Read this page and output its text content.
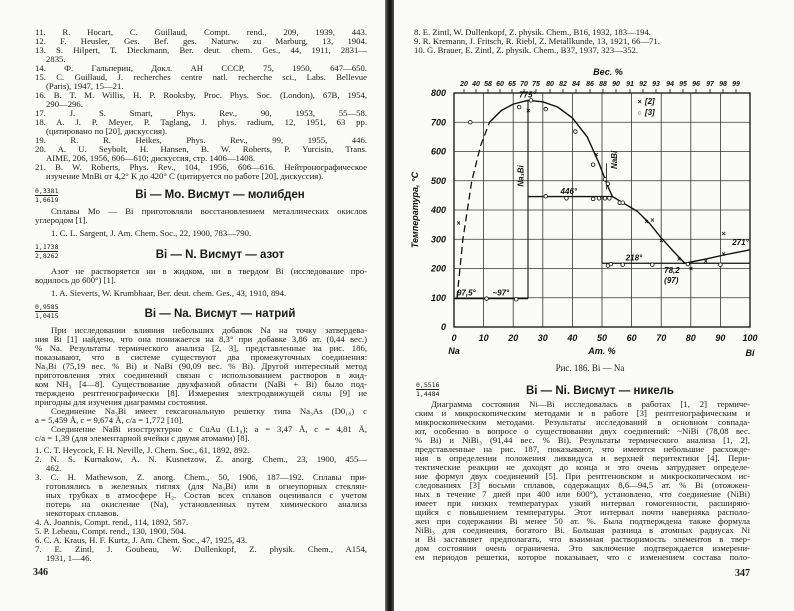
11. R. Hocart, C. Guillaud, Compt. rend., 209, 1939, 443.
12. F. Heusler, Ges. Bef. ges. Naturw. zu Marburg, 13, 1904.
13. S. Hilpert, T. Dieckmann, Ber. deut. chem. Ges., 44, 1911, 2831—
2835.
14. Ф. Гальперин, Докл. АН СССР, 75, 1950, 647—650.
15. C. Guillaud, J. recherches centre natl. recherche sci., Labs. Bellevue
(Paris), 1947, 15—21.
16. B. T. M. Willis, H. P. Rooksby, Proc. Phys. Soc. (London), 67B, 1954,
290—296.
17. J. S. Smart, Phys. Rev., 90, 1953, 55—58.
18. A. J. P. Meyer, P. Taglang, J. phys. radium, 12, 1951, 63 pp.
(цитировано по [20], дискуссия).
19. R. R. Heikes, Phys. Rev., 99, 1955, 446.
20. A. U. Seybolt, H. Hansen, B. W. Roberts, P. Yurcisin, Trans.
AIME, 206, 1956, 606—610; дискуссия, стр. 1406—1408.
21. B. W. Roberts, Phys. Rev., 104, 1956, 606—616. Нейтронографическое
изучение MnBi от 4,2° K до 420° C (цитируется по работе [20], дискуссия).
$\frac{0,3381}{1,6619}$	Bi — Mo. Висмут — молибден
Сплавы Mo — Bi приготовляли восстановлением металлических окислов
углеродом [1].
1. C. L. Sargent, J. Am. Chem. Soc., 22, 1900, 783—790.
$\frac{1,1738}{2,8262}$	Bi — N. Висмут — азот
Азот не растворяется ни в жидком, ни в твердом Bi (исследование про-
водилось до 600°) [1].
1. A. Sieverts, W. Krumbhaar, Ber. deut. chem. Ges., 43, 1910, 894.
$\frac{0,9585}{1,0415}$	Bi — Na. Висмут — натрий
При исследовании влияния небольших добавок Na на точку затвердева-
ния Bi [1] найдено, что она понижается на 8,3° при добавке 3,86 ат. (0,44 вес.)
% Na. Результаты термического анализа [2, 3], представленные на рис. 186,
показывают, что в системе существуют два промежуточных соединения:
Na₃Bi (75,19 вес. % Bi) и NaBi (90,09 вес. % Bi). Другой интересный метод
приготовления этих соединений связан с использованием растворов в жид-
ком NH₃ [4—8]. Существование двухфазной области (NaBi + Bi) было под-
тверждено рентгенографически [8]. Измерения электродвижущей силы [9] не
пригодны для изучения диаграммы состояния.
Соединение Na₃Bi имеет гексагональную решетку типа Na₃As (D0₁₈) с
a = 5,459 Å, c = 9,674 Å, c/a = 1,772 [10].
Соединение NaBi изоструктурно с CuAu (L1₀); a = 3,47 Å, c = 4,81 Å,
c/a = 1,39 (для элементарной ячейки с двумя атомами) [8].
1. C. T. Heycock, F. H. Neville, J. Chem. Soc., 61, 1892, 892.
2. N. S. Kurnakow, A. N. Kusnetzow, Z. anorg. Chem., 23, 1900, 455—
462.
3. C. H. Mathewson, Z. anorg. Chem., 50, 1906, 187—192. Сплавы при-
готовлялись в железных тиглях (для Na₃Bi) или в огнеупорных стеклян-
ных трубках в атмосфере H₂. Состав всех сплавов оценивался с учетом
потерь на окисление (Na), установленных путем химического анализа
некоторых сплавов.
4. A. Joannis, Compt. rend., 114, 1892, 587.
5. P. Lebeau, Compt. rend., 130, 1900, 504.
6. C. A. Kraus, H. F. Kurtz, J. Am. Chem. Soc., 47, 1925, 43.
7. E. Zintl, J. Goubeau, W. Dullenkopf, Z. physik. Chem., A154,
1931, 1—46.
346
8. E. Zintl, W. Dullenkopf, Z. physik. Chem., B16, 1932, 183—194.
9. R. Kremann, J. Fritsch, R. Riebl, Z. Metallkunde, 13, 1921, 66—71.
10. G. Brauer, E. Zintl, Z. physik. Chem., B37, 1937, 323—352.
0
100
200
300
400
500
600
700
800
0 10 20 30 40 50 60 70 80 90 100
20 40 58 60 65 70 75 80 82 84 86 88 90 91 92 93 94 95 96 97 98 99
Вес. %
Температура, °C
Na	Ат. %	Bi
Na₃Bi
NaBi
×
×
×
× ×
×
×
×
×
×
×
775°
446°
218°
271°
97,5° ~97°
78,2
(97)
× [2]
○ [3]
Рис. 186. Bi — Na
$\frac{0,5516}{1,4484}$	Bi — Ni. Висмут — никель
Диаграмма состояния Ni—Bi исследовалась в работах [1, 2] термиче-
ским и микроскопическим методами и в работе [3] рентгенографическим и
микроскопическим методами. Результаты исследований в основном совпада-
ют, особенно в вопросе о существовании двух соединений: ~NiBi (78,08 вес.
% Bi) и NiBi₃ (91,44 вес. % Bi). Результаты термического анализа [1, 2],
представленные на рис. 187, показывают, что имеются небольшие расхожде-
ния в определении положения ликвидуса и верхней перитектики [4]. Пери-
тектические реакции не доходят до конца и это очень затрудняет определе-
ние формул двух соединений [5]. При рентгеновском и микроскопическом ис-
следованиях [3] восьми сплавов, содержащих 8,6—94,5 ат. % Bi (отожжен-
ных в течение 7 дней при 400 или 600°), установлено, что соединение (NiBi)
имеет при низких температурах узкий интервал гомогенности, расширяю-
щийся с повышением температуры. Этот интервал почти наверняка располо-
жен при содержании Bi менее 50 ат. %. Была подтверждена также формула
NiBi₃ для соединения, богатого Bi. Большая разница в атомных радиусах Ni
и Bi заставляет предполагать, что взаимная растворимость элементов в твер-
дом состоянии очень ограничена. Это заключение подтверждается измерени-
ем периодов решетки, которое показывает, что с изменением состава поло-
347
